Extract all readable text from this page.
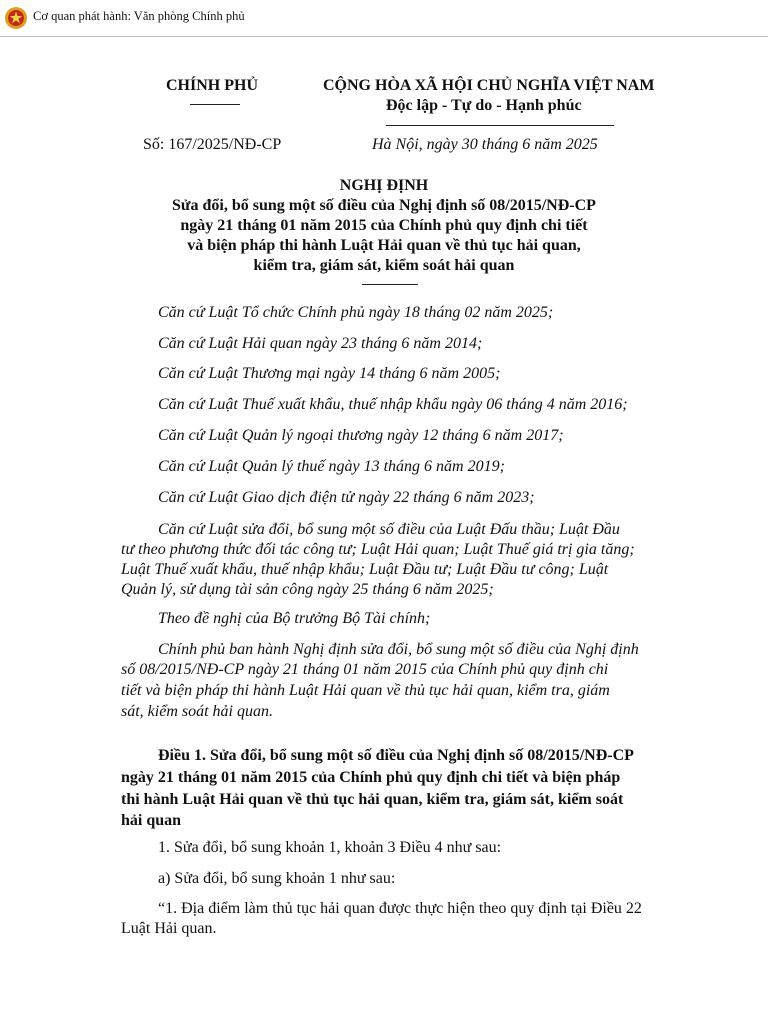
Cơ quan phát hành: Văn phòng Chính phủ
CHÍNH PHỦ	CỘNG HÒA XÃ HỘI CHỦ NGHĨA VIỆT NAM
Độc lập - Tự do - Hạnh phúc
Số: 167/2025/NĐ-CP	Hà Nội, ngày 30 tháng 6 năm 2025
NGHỊ ĐỊNH
Sửa đổi, bổ sung một số điều của Nghị định số 08/2015/NĐ-CP
ngày 21 tháng 01 năm 2015 của Chính phủ quy định chi tiết
và biện pháp thi hành Luật Hải quan về thủ tục hải quan,
kiểm tra, giám sát, kiểm soát hải quan
Căn cứ Luật Tổ chức Chính phủ ngày 18 tháng 02 năm 2025;
Căn cứ Luật Hải quan ngày 23 tháng 6 năm 2014;
Căn cứ Luật Thương mại ngày 14 tháng 6 năm 2005;
Căn cứ Luật Thuế xuất khẩu, thuế nhập khẩu ngày 06 tháng 4 năm 2016;
Căn cứ Luật Quản lý ngoại thương ngày 12 tháng 6 năm 2017;
Căn cứ Luật Quản lý thuế ngày 13 tháng 6 năm 2019;
Căn cứ Luật Giao dịch điện tử ngày 22 tháng 6 năm 2023;
Căn cứ Luật sửa đổi, bổ sung một số điều của Luật Đấu thầu; Luật Đầu
tư theo phương thức đối tác công tư; Luật Hải quan; Luật Thuế giá trị gia tăng;
Luật Thuế xuất khẩu, thuế nhập khẩu; Luật Đầu tư; Luật Đầu tư công; Luật
Quản lý, sử dụng tài sản công ngày 25 tháng 6 năm 2025;
Theo đề nghị của Bộ trưởng Bộ Tài chính;
Chính phủ ban hành Nghị định sửa đổi, bổ sung một số điều của Nghị định
số 08/2015/NĐ-CP ngày 21 tháng 01 năm 2015 của Chính phủ quy định chi
tiết và biện pháp thi hành Luật Hải quan về thủ tục hải quan, kiểm tra, giám
sát, kiểm soát hải quan.
Điều 1. Sửa đổi, bổ sung một số điều của Nghị định số 08/2015/NĐ-CP
ngày 21 tháng 01 năm 2015 của Chính phủ quy định chi tiết và biện pháp
thi hành Luật Hải quan về thủ tục hải quan, kiểm tra, giám sát, kiểm soát
hải quan
1. Sửa đổi, bổ sung khoản 1, khoản 3 Điều 4 như sau:
a) Sửa đổi, bổ sung khoản 1 như sau:
“1. Địa điểm làm thủ tục hải quan được thực hiện theo quy định tại Điều 22
Luật Hải quan.
